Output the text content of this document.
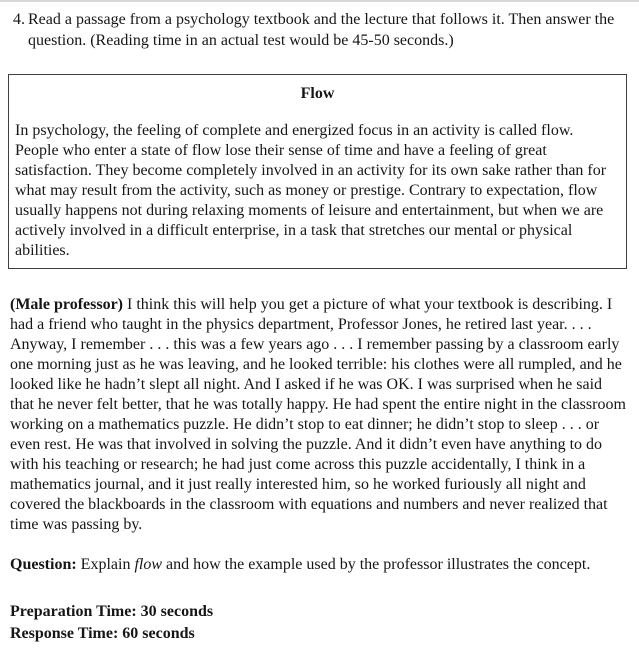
4. Read a passage from a psychology textbook and the lecture that follows it. Then answer the question. (Reading time in an actual test would be 45-50 seconds.)
Flow
In psychology, the feeling of complete and energized focus in an activity is called flow. People who enter a state of flow lose their sense of time and have a feeling of great satisfaction. They become completely involved in an activity for its own sake rather than for what may result from the activity, such as money or prestige. Contrary to expectation, flow usually happens not during relaxing moments of leisure and entertainment, but when we are actively involved in a difficult enterprise, in a task that stretches our mental or physical abilities.

(Male professor) I think this will help you get a picture of what your textbook is describing. I had a friend who taught in the physics department, Professor Jones, he retired last year. . . . Anyway, I remember . . . this was a few years ago . . . I remember passing by a classroom early one morning just as he was leaving, and he looked terrible: his clothes were all rumpled, and he looked like he hadn’t slept all night. And I asked if he was OK. I was surprised when he said that he never felt better, that he was totally happy. He had spent the entire night in the classroom working on a mathematics puzzle. He didn’t stop to eat dinner; he didn’t stop to sleep . . . or even rest. He was that involved in solving the puzzle. And it didn’t even have anything to do with his teaching or research; he had just come across this puzzle accidentally, I think in a mathematics journal, and it just really interested him, so he worked furiously all night and covered the blackboards in the classroom with equations and numbers and never realized that time was passing by.

Question: Explain flow and how the example used by the professor illustrates the concept.

Preparation Time: 30 seconds

Response Time: 60 seconds
